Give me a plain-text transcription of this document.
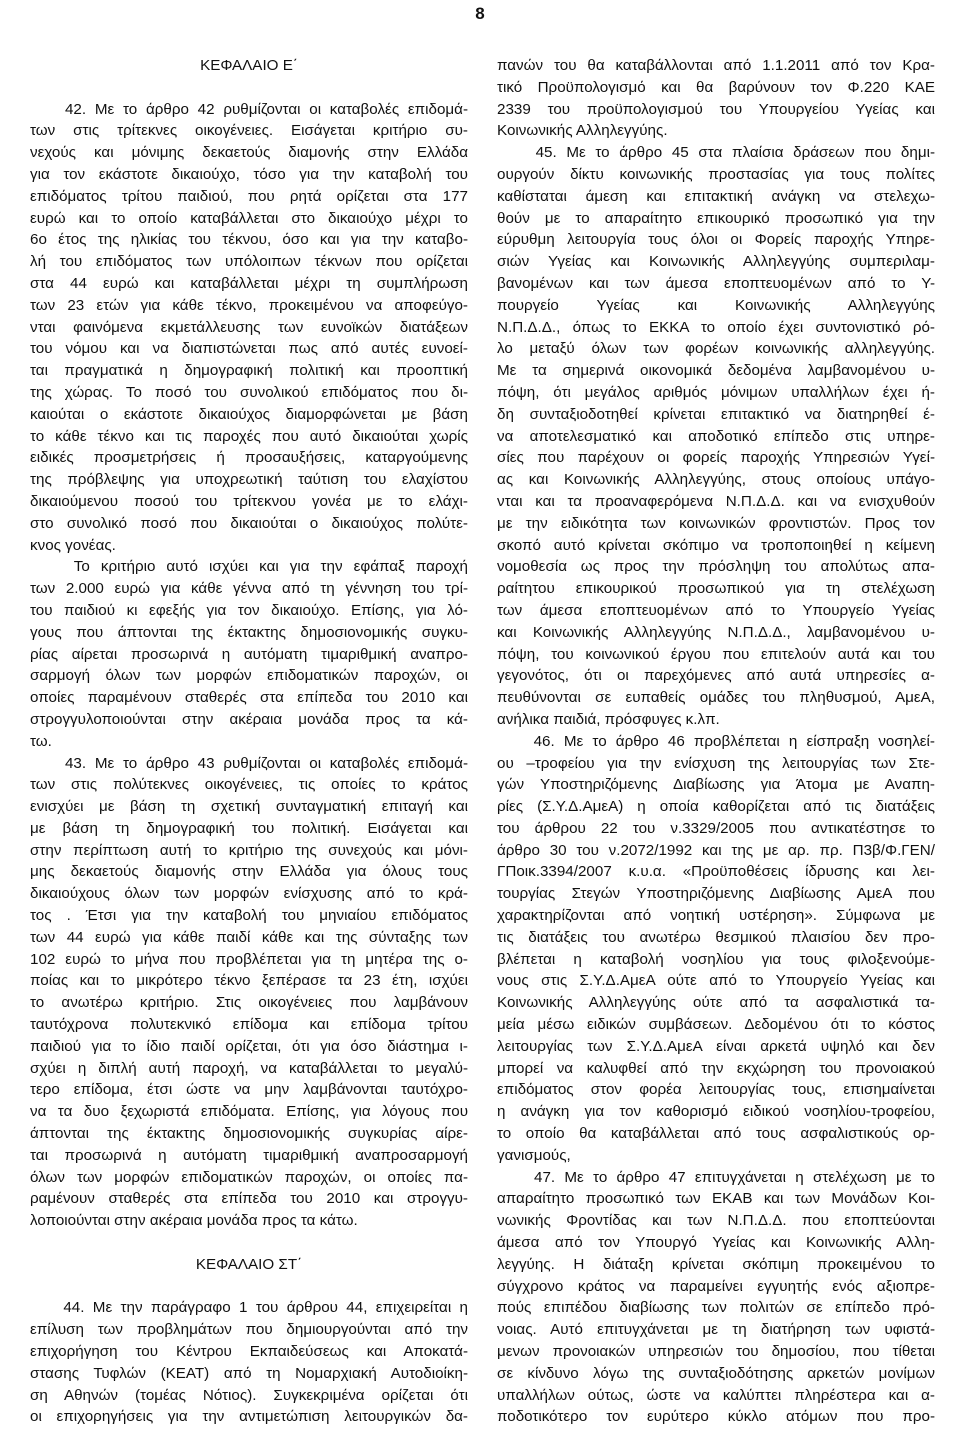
8
ΚΕΦΑΛΑΙΟ Ε΄
42. Με το άρθρο 42 ρυθμίζονται οι καταβολές επιδομά-
των στις τρίτεκνες οικογένειες. Εισάγεται κριτήριο συ-
νεχούς και μόνιμης δεκαετούς διαμονής στην Ελλάδα
για τον εκάστοτε δικαιούχο, τόσο για την καταβολή του
επιδόματος τρίτου παιδιού, που ρητά ορίζεται στα 177
ευρώ και το οποίο καταβάλλεται στο δικαιούχο μέχρι το
6ο έτος της ηλικίας του τέκνου, όσο και για την καταβο-
λή του επιδόματος των υπόλοιπων τέκνων που ορίζεται
στα 44 ευρώ και καταβάλλεται μέχρι τη συμπλήρωση
των 23 ετών για κάθε τέκνο, προκειμένου να αποφεύγο-
νται φαινόμενα εκμετάλλευσης των ευνοϊκών διατάξεων
του νόμου και να διαπιστώνεται πως από αυτές ευνοεί-
ται πραγματικά η δημογραφική πολιτική και προοπτική
της χώρας. Το ποσό του συνολικού επιδόματος που δι-
καιούται ο εκάστοτε δικαιούχος διαμορφώνεται με βάση
το κάθε τέκνο και τις παροχές που αυτό δικαιούται χωρίς
ειδικές προσμετρήσεις ή προσαυξήσεις, καταργούμενης
της πρόβλεψης για υποχρεωτική ταύτιση του ελαχίστου
δικαιούμενου ποσού του τρίτεκνου γονέα με το ελάχι-
στο συνολικό ποσό που δικαιούται ο δικαιούχος πολύτε-
κνος γονέας.
Το κριτήριο αυτό ισχύει και για την εφάπαξ παροχή
των 2.000 ευρώ για κάθε γέννα από τη γέννηση του τρί-
του παιδιού κι εφεξής για τον δικαιούχο. Επίσης, για λό-
γους που άπτονται της έκτακτης δημοσιονομικής συγκυ-
ρίας αίρεται προσωρινά η αυτόματη τιμαριθμική αναπρο-
σαρμογή όλων των μορφών επιδοματικών παροχών, οι
οποίες παραμένουν σταθερές στα επίπεδα του 2010 και
στρογγυλοποιούνται στην ακέραια μονάδα προς τα κά-
τω.
43. Με το άρθρο 43 ρυθμίζονται οι καταβολές επιδομά-
των στις πολύτεκνες οικογένειες, τις οποίες το κράτος
ενισχύει με βάση τη σχετική συνταγματική επιταγή και
με βάση τη δημογραφική του πολιτική. Εισάγεται και
στην περίπτωση αυτή το κριτήριο της συνεχούς και μόνι-
μης δεκαετούς διαμονής στην Ελλάδα για όλους τους
δικαιούχους όλων των μορφών ενίσχυσης από το κρά-
τος . Έτσι για την καταβολή του μηνιαίου επιδόματος
των 44 ευρώ για κάθε παιδί κάθε και της σύνταξης των
102 ευρώ το μήνα που προβλέπεται για τη μητέρα της ο-
ποίας και το μικρότερο τέκνο ξεπέρασε τα 23 έτη, ισχύει
το ανωτέρω κριτήριο. Στις οικογένειες που λαμβάνουν
ταυτόχρονα πολυτεκνικό επίδομα και επίδομα τρίτου
παιδιού για το ίδιο παιδί ορίζεται, ότι για όσο διάστημα ι-
σχύει η διπλή αυτή παροχή, να καταβάλλεται το μεγαλύ-
τερο επίδομα, έτσι ώστε να μην λαμβάνονται ταυτόχρο-
να τα δυο ξεχωριστά επιδόματα. Επίσης, για λόγους που
άπτονται της έκτακτης δημοσιονομικής συγκυρίας αίρε-
ται προσωρινά η αυτόματη τιμαριθμική αναπροσαρμογή
όλων των μορφών επιδοματικών παροχών, οι οποίες πα-
ραμένουν σταθερές στα επίπεδα του 2010 και στρογγυ-
λοποιούνται στην ακέραια μονάδα προς τα κάτω.
ΚΕΦΑΛΑΙΟ ΣΤ΄
44. Με την παράγραφο 1 του άρθρου 44, επιχειρείται η
επίλυση των προβλημάτων που δημιουργούνται από την
επιχορήγηση του Κέντρου Εκπαιδεύσεως και Αποκατά-
στασης Τυφλών (ΚΕΑΤ) από τη Νομαρχιακή Αυτοδιοίκη-
ση Αθηνών (τομέας Νότιος). Συγκεκριμένα ορίζεται ότι
οι επιχορηγήσεις για την αντιμετώπιση λειτουργικών δα-
πανών του θα καταβάλλονται από 1.1.2011 από τον Κρα-
τικό Προϋπολογισμό και θα βαρύνουν τον Φ.220 ΚΑΕ
2339 του προϋπολογισμού του Υπουργείου Υγείας και
Κοινωνικής Αλληλεγγύης.
45. Με το άρθρο 45 στα πλαίσια δράσεων που δημι-
ουργούν δίκτυ κοινωνικής προστασίας για τους πολίτες
καθίσταται άμεση και επιτακτική ανάγκη να στελεχω-
θούν με το απαραίτητο επικουρικό προσωπικό για την
εύρυθμη λειτουργία τους όλοι οι Φορείς παροχής Υπηρε-
σιών Υγείας και Κοινωνικής Αλληλεγγύης συμπεριλαμ-
βανομένων και των άμεσα εποπτευομένων από το Υ-
πουργείο Υγείας και Κοινωνικής Αλληλεγγύης
Ν.Π.Δ.Δ., όπως το ΕΚΚΑ το οποίο έχει συντονιστικό ρό-
λο μεταξύ όλων των φορέων κοινωνικής αλληλεγγύης.
Με τα σημερινά οικονομικά δεδομένα λαμβανομένου υ-
πόψη, ότι μεγάλος αριθμός μόνιμων υπαλλήλων έχει ή-
δη συνταξιοδοτηθεί κρίνεται επιτακτικό να διατηρηθεί έ-
να αποτελεσματικό και αποδοτικό επίπεδο στις υπηρε-
σίες που παρέχουν οι φορείς παροχής Υπηρεσιών Υγεί-
ας και Κοινωνικής Αλληλεγγύης, στους οποίους υπάγο-
νται και τα προαναφερόμενα Ν.Π.Δ.Δ. και να ενισχυθούν
με την ειδικότητα των κοινωνικών φροντιστών. Προς τον
σκοπό αυτό κρίνεται σκόπιμο να τροποποιηθεί η κείμενη
νομοθεσία ως προς την πρόσληψη του απολύτως απα-
ραίτητου επικουρικού προσωπικού για τη στελέχωση
των άμεσα εποπτευομένων από το Υπουργείο Υγείας
και Κοινωνικής Αλληλεγγύης Ν.Π.Δ.Δ., λαμβανομένου υ-
πόψη, του κοινωνικού έργου που επιτελούν αυτά και του
γεγονότος, ότι οι παρεχόμενες από αυτά υπηρεσίες α-
πευθύνονται σε ευπαθείς ομάδες του πληθυσμού, ΑμεΑ,
ανήλικα παιδιά, πρόσφυγες κ.λπ.
46. Με το άρθρο 46 προβλέπεται η είσπραξη νοσηλεί-
ου –τροφείου για την ενίσχυση της λειτουργίας των Στε-
γών Υποστηριζόμενης Διαβίωσης για Άτομα με Αναπη-
ρίες (Σ.Υ.Δ.ΑμεΑ) η οποία καθορίζεται από τις διατάξεις
του άρθρου 22 του ν.3329/2005 που αντικατέστησε το
άρθρο 30 του ν.2072/1992 και της με αρ. πρ. Π3β/Φ.ΓΕΝ/
ΓΠοικ.3394/2007 κ.υ.α. «Προϋποθέσεις ίδρυσης και λει-
τουργίας Στεγών Υποστηριζόμενης Διαβίωσης ΑμεΑ που
χαρακτηρίζονται από νοητική υστέρηση». Σύμφωνα με
τις διατάξεις του ανωτέρω θεσμικού πλαισίου δεν προ-
βλέπεται η καταβολή νοσηλίου για τους φιλοξενούμε-
νους στις Σ.Υ.Δ.ΑμεΑ ούτε από το Υπουργείο Υγείας και
Κοινωνικής Αλληλεγγύης ούτε από τα ασφαλιστικά τα-
μεία μέσω ειδικών συμβάσεων. Δεδομένου ότι το κόστος
λειτουργίας των Σ.Υ.Δ.ΑμεΑ είναι αρκετά υψηλό και δεν
μπορεί να καλυφθεί από την εκχώρηση του προνοιακού
επιδόματος στον φορέα λειτουργίας τους, επισημαίνεται
η ανάγκη για τον καθορισμό ειδικού νοσηλίου-τροφείου,
το οποίο θα καταβάλλεται από τους ασφαλιστικούς ορ-
γανισμούς,
47. Με το άρθρο 47 επιτυγχάνεται η στελέχωση με το
απαραίτητο προσωπικό των ΕΚΑΒ και των Μονάδων Κοι-
νωνικής Φροντίδας και των Ν.Π.Δ.Δ. που εποπτεύονται
άμεσα από τον Υπουργό Υγείας και Κοινωνικής Αλλη-
λεγγύης. Η διάταξη κρίνεται σκόπιμη προκειμένου το
σύγχρονο κράτος να παραμείνει εγγυητής ενός αξιοπρε-
πούς επιπέδου διαβίωσης των πολιτών σε επίπεδο πρό-
νοιας. Αυτό επιτυγχάνεται με τη διατήρηση των υφιστά-
μενων προνοιακών υπηρεσιών του δημοσίου, που τίθεται
σε κίνδυνο λόγω της συνταξιοδότησης αρκετών μονίμων
υπαλλήλων ούτως, ώστε να καλύπτει πληρέστερα και α-
ποδοτικότερο τον ευρύτερο κύκλο ατόμων που προ-
